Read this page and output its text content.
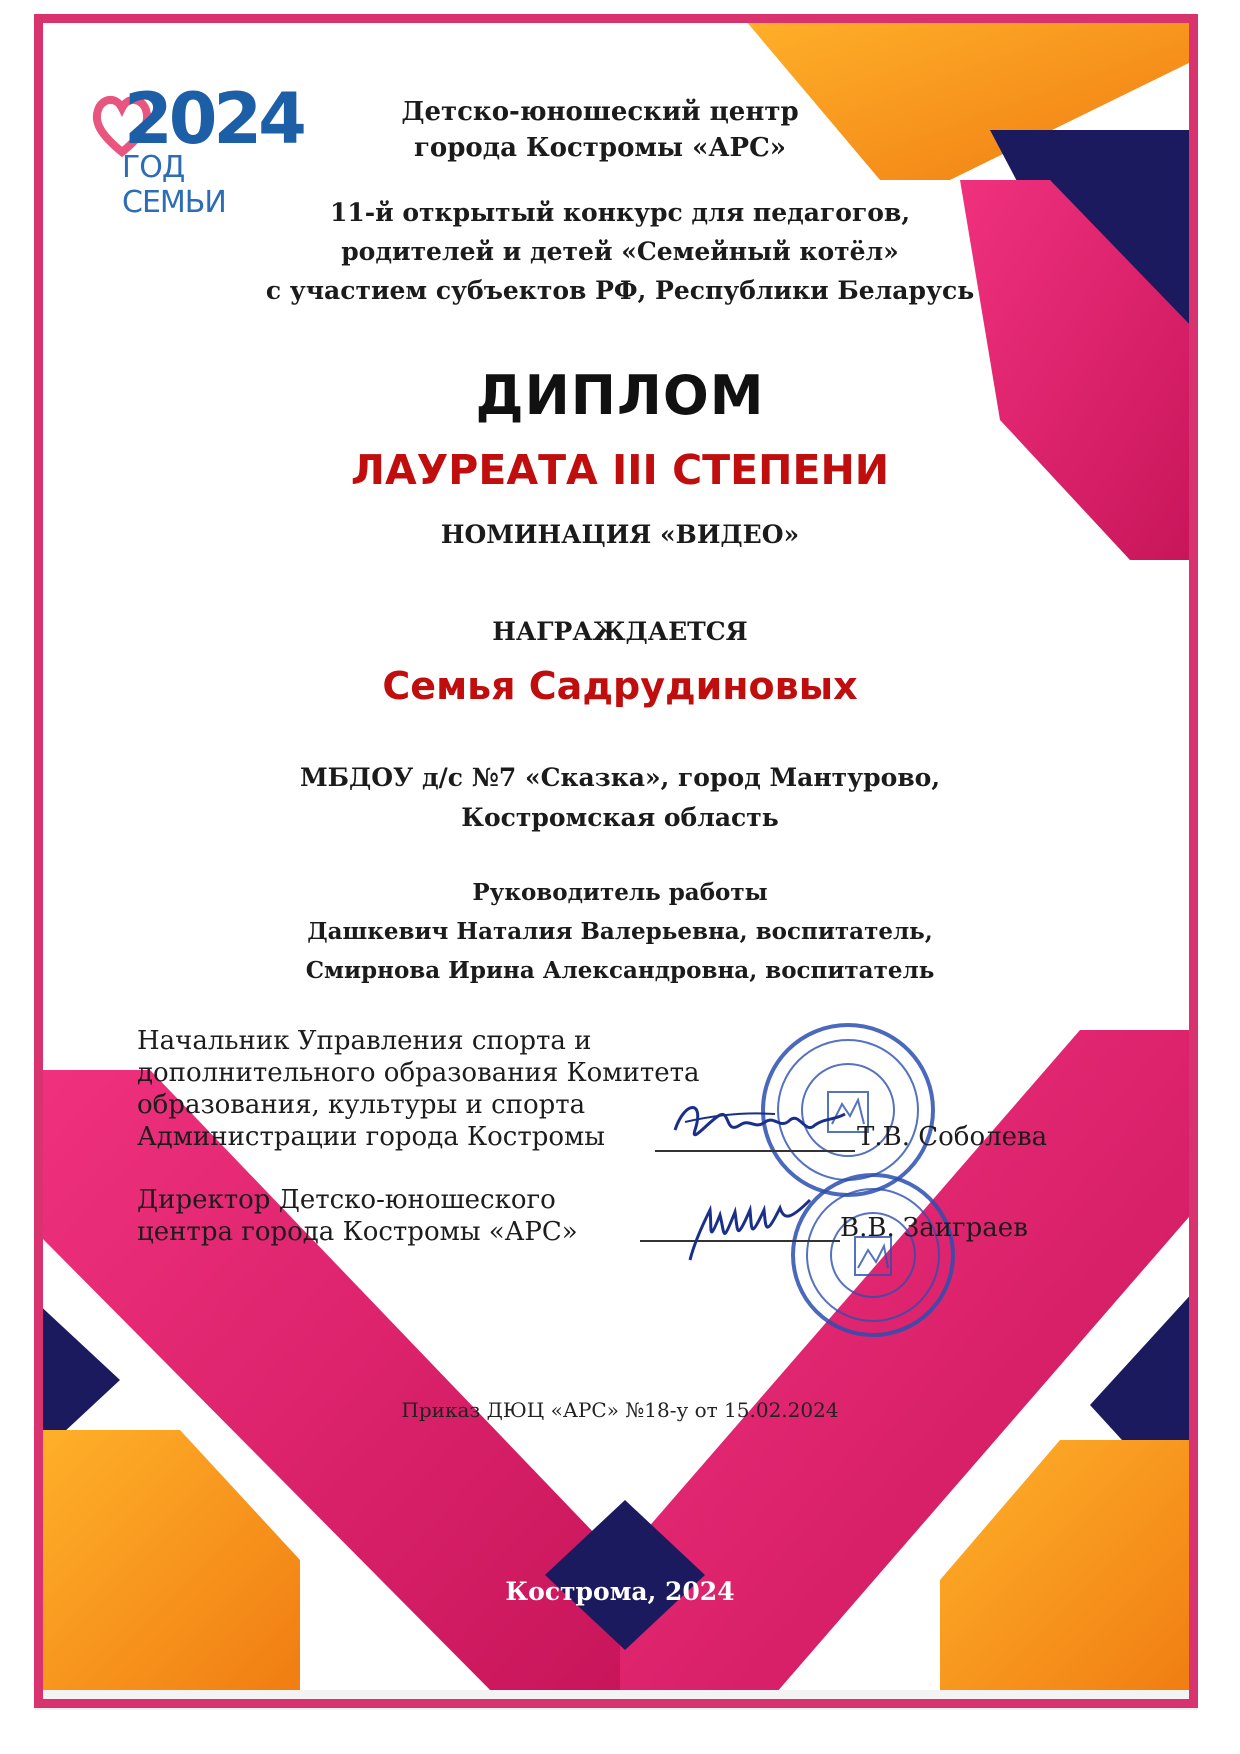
2024
ГОД СЕМЬИ
Детско-юношеский центр
города Костромы «АРС»
11-й открытый конкурс для педагогов,
родителей и детей «Семейный котёл»
с участием субъектов РФ, Республики Беларусь
ДИПЛОМ
ЛАУРЕАТА III СТЕПЕНИ
НОМИНАЦИЯ «ВИДЕО»
НАГРАЖДАЕТСЯ
Семья Садрудиновых
МБДОУ д/с №7 «Сказка», город Мантурово,
Костромская область
Руководитель работы
Дашкевич Наталия Валерьевна, воспитатель,
Смирнова Ирина Александровна, воспитатель
Начальник Управления спорта и
дополнительного образования Комитета
образования, культуры и спорта
Администрации города Костромы	Т.В. Соболева
Директор Детско-юношеского
центра города Костромы «АРС»	В.В. Заиграев
Приказ ДЮЦ «АРС» №18-у от 15.02.2024
Кострома, 2024
